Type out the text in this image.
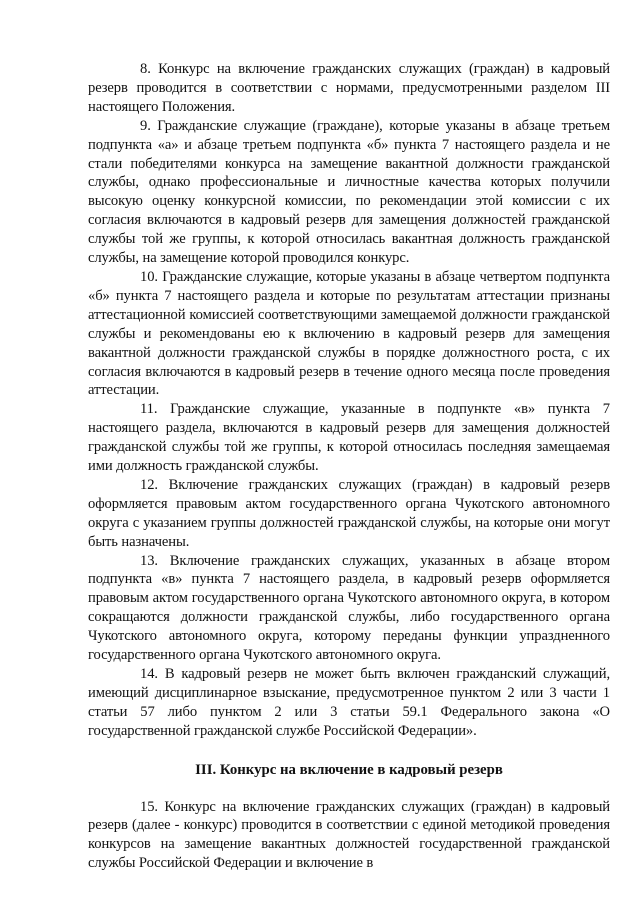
8. Конкурс на включение гражданских служащих (граждан) в кадровый резерв проводится в соответствии с нормами, предусмотренными разделом III настоящего Положения.

9. Гражданские служащие (граждане), которые указаны в абзаце третьем подпункта «а» и абзаце третьем подпункта «б» пункта 7 настоящего раздела и не стали победителями конкурса на замещение вакантной должности гражданской службы, однако профессиональные и личностные качества которых получили высокую оценку конкурсной комиссии, по рекомендации этой комиссии с их согласия включаются в кадровый резерв для замещения должностей гражданской службы той же группы, к которой относилась вакантная должность гражданской службы, на замещение которой проводился конкурс.

10. Гражданские служащие, которые указаны в абзаце четвертом подпункта «б» пункта 7 настоящего раздела и которые по результатам аттестации признаны аттестационной комиссией соответствующими замещаемой должности гражданской службы и рекомендованы ею к включению в кадровый резерв для замещения вакантной должности гражданской службы в порядке должностного роста, с их согласия включаются в кадровый резерв в течение одного месяца после проведения аттестации.

11. Гражданские служащие, указанные в подпункте «в» пункта 7 настоящего раздела, включаются в кадровый резерв для замещения должностей гражданской службы той же группы, к которой относилась последняя замещаемая ими должность гражданской службы.

12. Включение гражданских служащих (граждан) в кадровый резерв оформляется правовым актом государственного органа Чукотского автономного округа с указанием группы должностей гражданской службы, на которые они могут быть назначены.

13. Включение гражданских служащих, указанных в абзаце втором подпункта «в» пункта 7 настоящего раздела, в кадровый резерв оформляется правовым актом государственного органа Чукотского автономного округа, в котором сокращаются должности гражданской службы, либо государственного органа Чукотского автономного округа, которому переданы функции упраздненного государственного органа Чукотского автономного округа.

14. В кадровый резерв не может быть включен гражданский служащий, имеющий дисциплинарное взыскание, предусмотренное пунктом 2 или 3 части 1 статьи 57 либо пунктом 2 или 3 статьи 59.1 Федерального закона «О государственной гражданской службе Российской Федерации».

III. Конкурс на включение в кадровый резерв

15. Конкурс на включение гражданских служащих (граждан) в кадровый резерв (далее - конкурс) проводится в соответствии с единой методикой проведения конкурсов на замещение вакантных должностей государственной гражданской службы Российской Федерации и включение в
